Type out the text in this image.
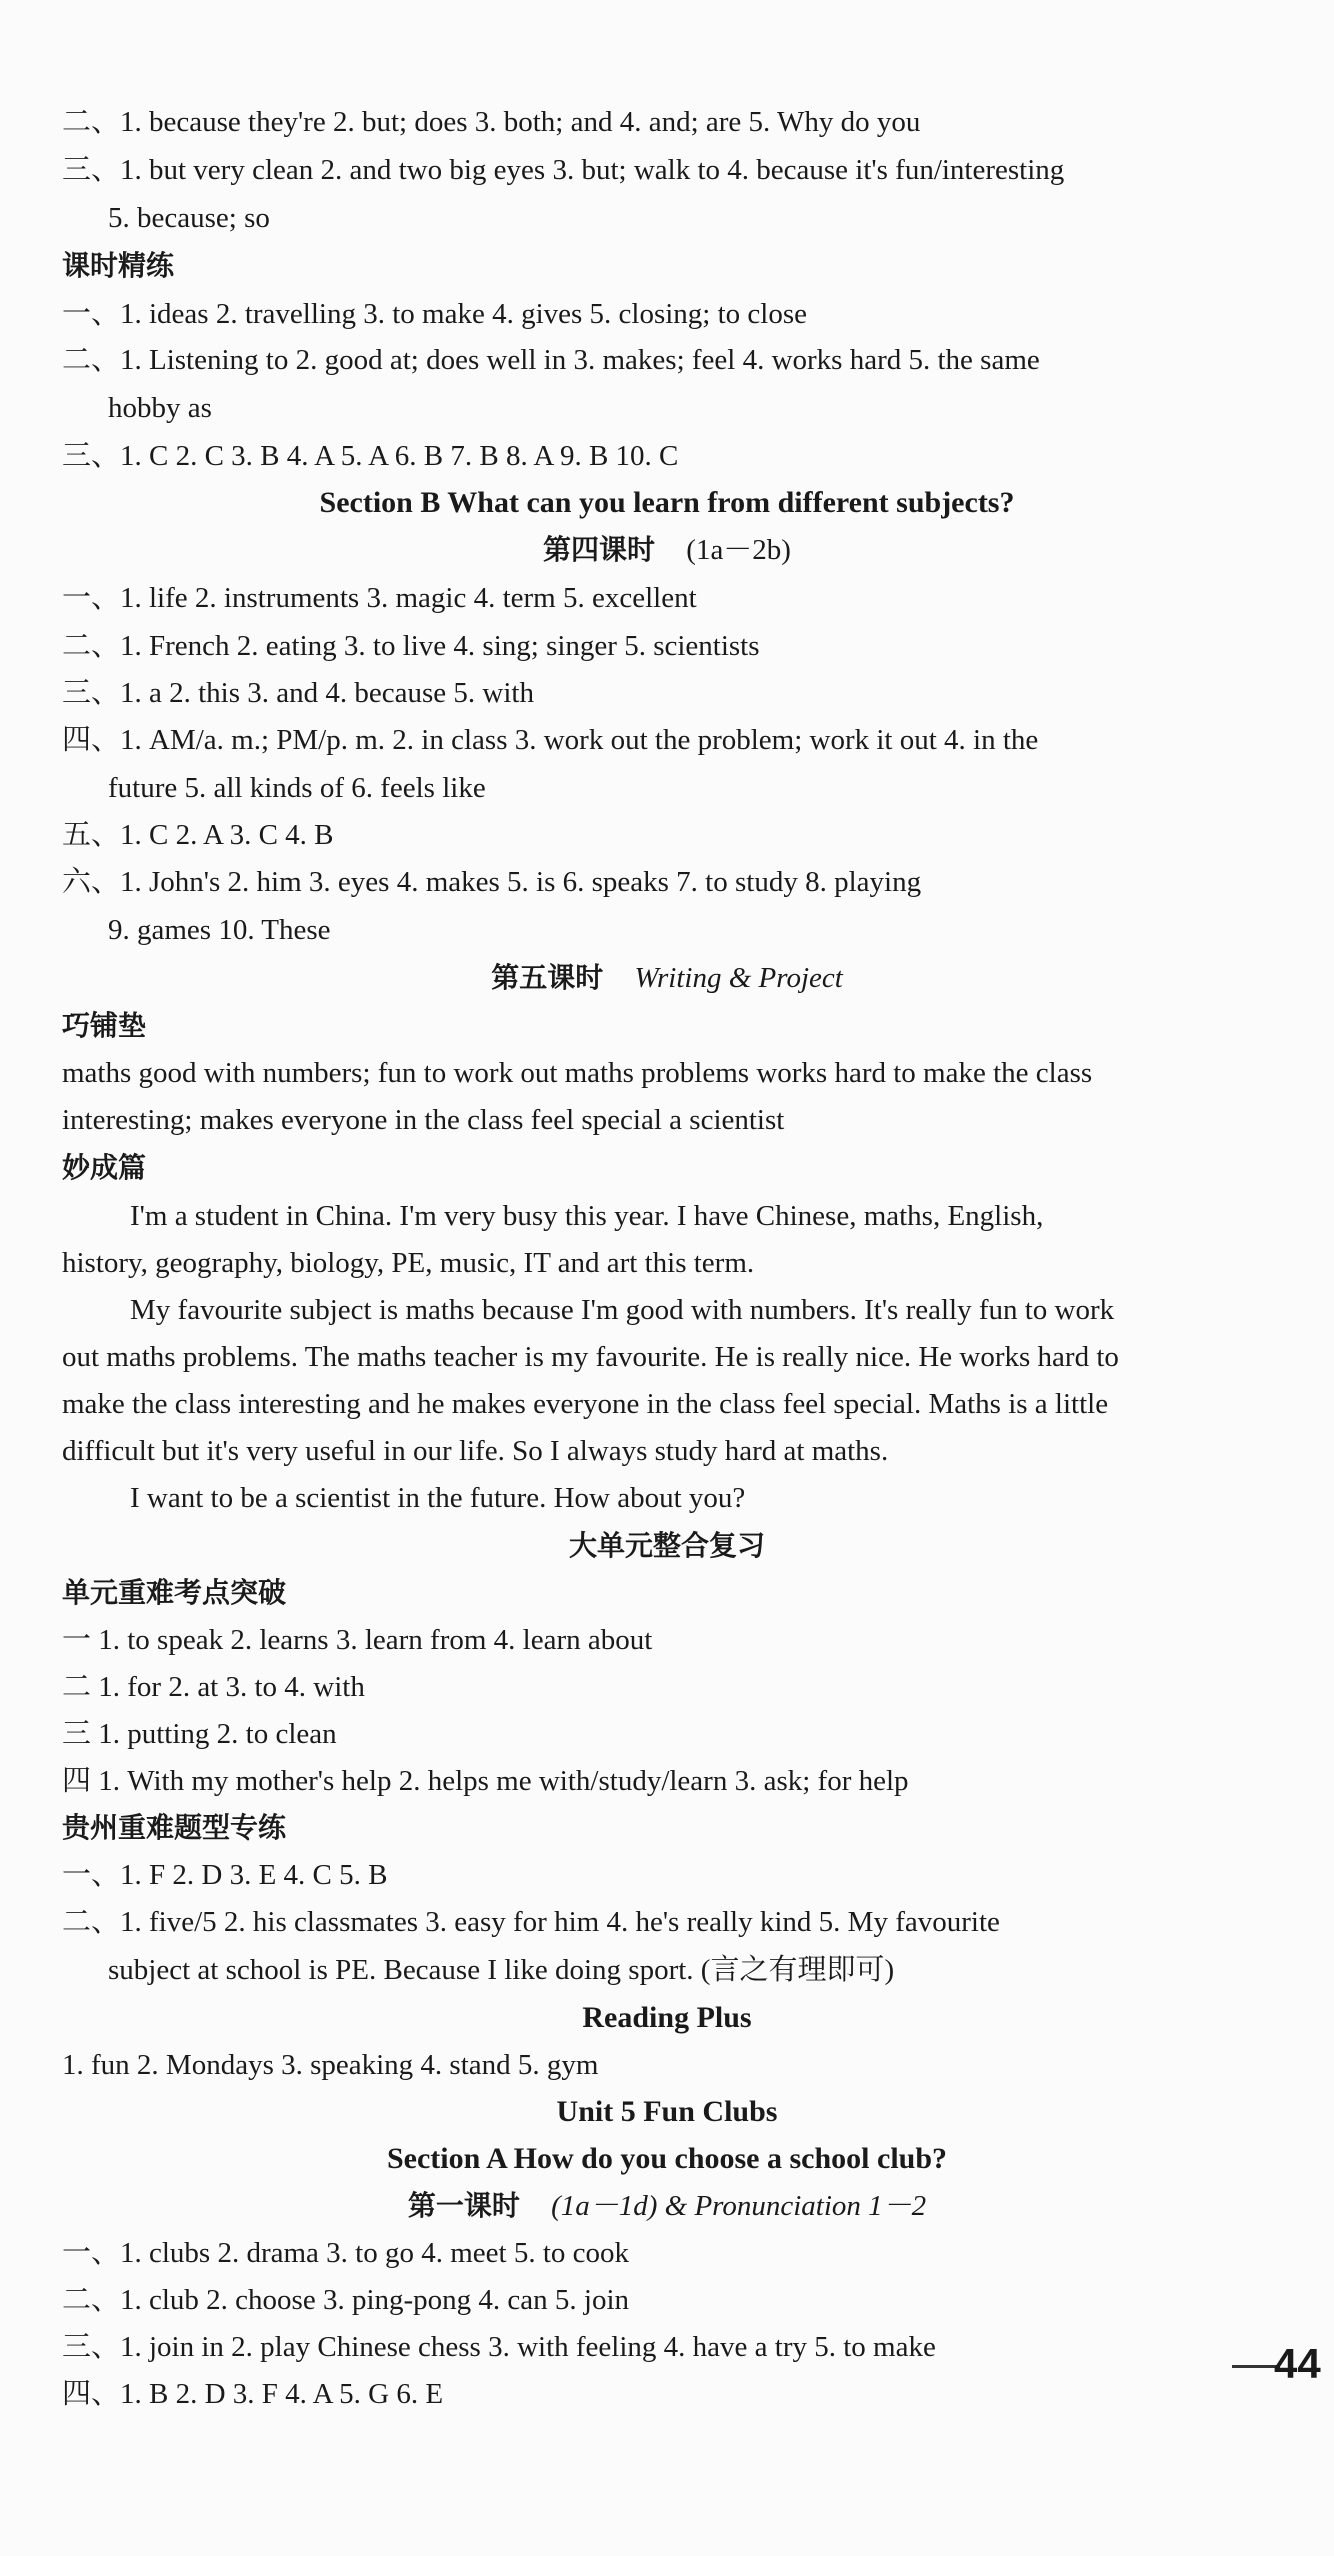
二、1. because they're 2. but; does 3. both; and 4. and; are 5. Why do you
三、1. but very clean 2. and two big eyes 3. but; walk to 4. because it's fun/interesting
5. because; so
课时精练
一、1. ideas 2. travelling 3. to make 4. gives 5. closing; to close
二、1. Listening to 2. good at; does well in 3. makes; feel 4. works hard 5. the same
hobby as
三、1. C 2. C 3. B 4. A 5. A 6. B 7. B 8. A 9. B 10. C
Section B What can you learn from different subjects?
第四课时 (1a－2b)
一、1. life 2. instruments 3. magic 4. term 5. excellent
二、1. French 2. eating 3. to live 4. sing; singer 5. scientists
三、1. a 2. this 3. and 4. because 5. with
四、1. AM/a. m.; PM/p. m. 2. in class 3. work out the problem; work it out 4. in the
future 5. all kinds of 6. feels like
五、1. C 2. A 3. C 4. B
六、1. John's 2. him 3. eyes 4. makes 5. is 6. speaks 7. to study 8. playing
9. games 10. These
第五课时 Writing & Project
巧铺垫
maths good with numbers; fun to work out maths problems works hard to make the class
interesting; makes everyone in the class feel special a scientist
妙成篇
I'm a student in China. I'm very busy this year. I have Chinese, maths, English,
history, geography, biology, PE, music, IT and art this term.
My favourite subject is maths because I'm good with numbers. It's really fun to work
out maths problems. The maths teacher is my favourite. He is really nice. He works hard to
make the class interesting and he makes everyone in the class feel special. Maths is a little
difficult but it's very useful in our life. So I always study hard at maths.
I want to be a scientist in the future. How about you?
大单元整合复习
单元重难考点突破
一 1. to speak 2. learns 3. learn from 4. learn about
二 1. for 2. at 3. to 4. with
三 1. putting 2. to clean
四 1. With my mother's help 2. helps me with/study/learn 3. ask; for help
贵州重难题型专练
一、1. F 2. D 3. E 4. C 5. B
二、1. five/5 2. his classmates 3. easy for him 4. he's really kind 5. My favourite
subject at school is PE. Because I like doing sport. (言之有理即可)
Reading Plus
1. fun 2. Mondays 3. speaking 4. stand 5. gym
Unit 5 Fun Clubs
Section A How do you choose a school club?
第一课时 (1a－1d) & Pronunciation 1－2
一、1. clubs 2. drama 3. to go 4. meet 5. to cook
二、1. club 2. choose 3. ping-pong 4. can 5. join
三、1. join in 2. play Chinese chess 3. with feeling 4. have a try 5. to make
四、1. B 2. D 3. F 4. A 5. G 6. E
44
